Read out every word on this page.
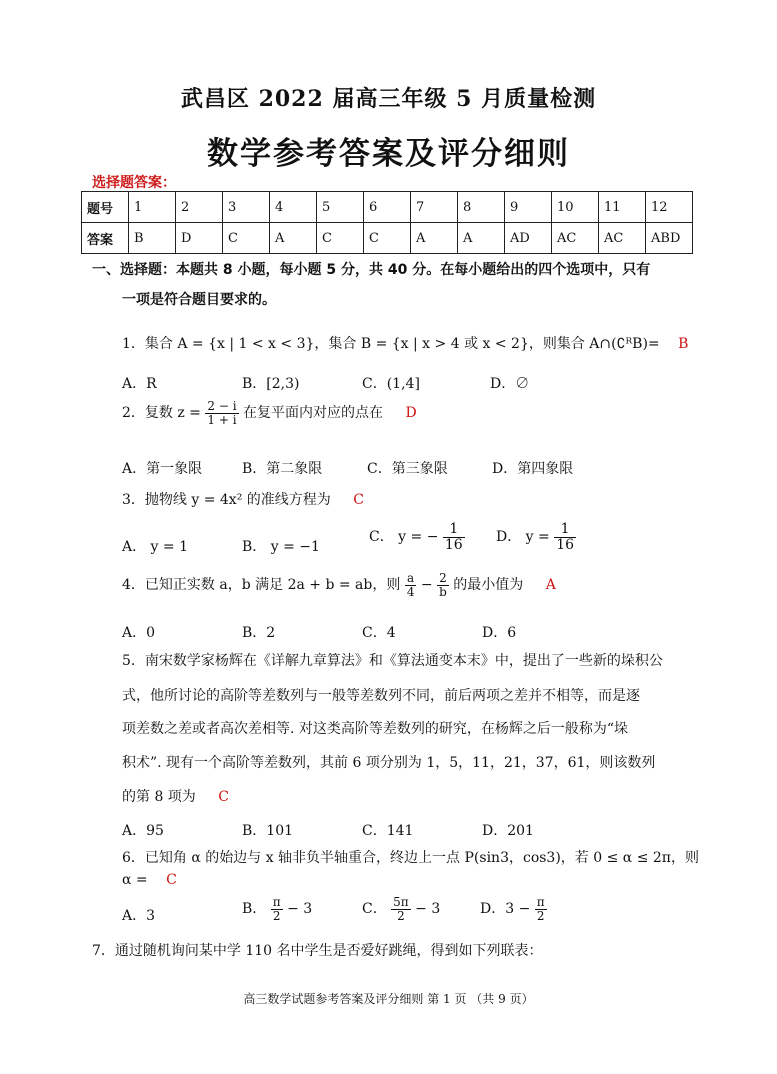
武昌区 2022 届高三年级 5 月质量检测
数学参考答案及评分细则
选择题答案：
题号	1	2	3	4	5	6	7	8	9	10	11	12
答案	B	D	C	A	C	C	A	A	AD	AC	AC	ABD
一、选择题：本题共 8 小题，每小题 5 分，共 40 分。在每小题给出的四个选项中，只有
一项是符合题目要求的。
1．集合 A = {x | 1 < x < 3}，集合 B = {x | x > 4 或 x < 2}，则集合 A∩(∁ᴿB)= B
A．R	B．[2,3)	C．(1,4]	D．∅
2．复数 $z = \frac{2 - i}{1 + i}$ 在复平面内对应的点在 D
A．第一象限	B．第二象限	C．第三象限	D．第四象限
3．抛物线 y = 4x² 的准线方程为 C
A． y = 1	B． y = −1
C． y = − $\frac{1}{16}$ D． $y = \frac{1}{16}$
4．已知正实数 a，b 满足 2a + b = ab，则 $\frac{a}{4} - \frac{2}{b}$ 的最小值为 A
A．0	B．2	C．4	D．6
5．南宋数学家杨辉在《详解九章算法》和《算法通变本末》中，提出了一些新的垛积公
式，他所讨论的高阶等差数列与一般等差数列不同，前后两项之差并不相等，而是逐
项差数之差或者高次差相等. 对这类高阶等差数列的研究，在杨辉之后一般称为“垛
积术”. 现有一个高阶等差数列，其前 6 项分别为 1，5，11，21，37，61，则该数列
的第 8 项为 C
A．95	B．101	C．141	D．201
6．已知角 α 的始边与 x 轴非负半轴重合，终边上一点 P(sin3，cos3)，若 0 ≤ α ≤ 2π，则
α = C
A．3	B． $\frac{\pi}{2} - 3$	C． $\frac{5\pi}{2} - 3$	D．$3 - \frac{\pi}{2}$
7．通过随机询问某中学 110 名中学生是否爱好跳绳，得到如下列联表：
高三数学试题参考答案及评分细则 第 1 页 （共 9 页）
